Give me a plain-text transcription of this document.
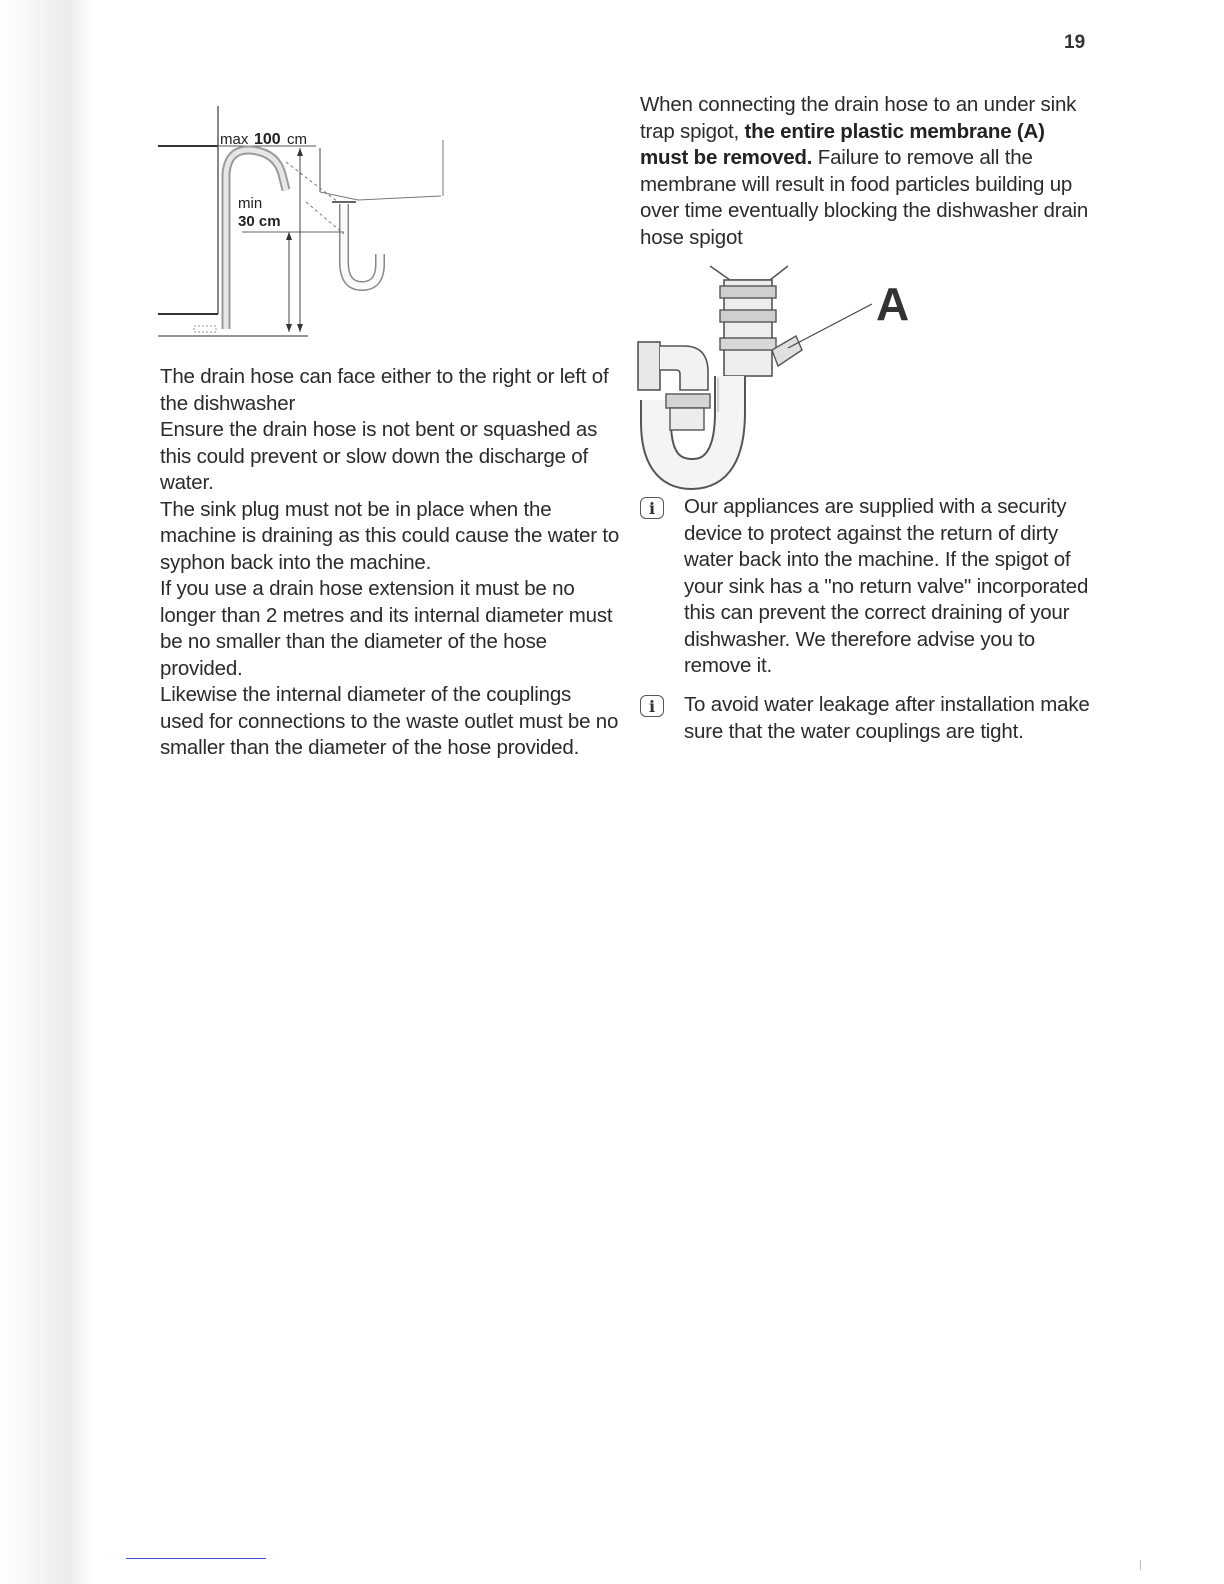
19
max 100 cm
min
30 cm

The drain hose can face either to the right or left of the dishwasher

Ensure the drain hose is not bent or squashed as this could prevent or slow down the discharge of water.

The sink plug must not be in place when the machine is draining as this could cause the water to syphon back into the machine.

If you use a drain hose extension it must be no longer than 2 metres and its internal diameter must be no smaller than the diameter of the hose provided.

Likewise the internal diameter of the couplings used for connections to the waste outlet must be no smaller than the diameter of the hose provided.

When connecting the drain hose to an under sink trap spigot, the entire plastic membrane (A) must be removed. Failure to remove all the membrane will result in food particles building up over time eventually blocking the dishwasher drain hose spigot

A
i	Our appliances are supplied with a security device to protect against the return of dirty water back into the machine. If the spigot of your sink has a "no return valve" incorporated this can prevent the correct draining of your dishwasher. We therefore advise you to remove it.
i	To avoid water leakage after installation make sure that the water couplings are tight.
